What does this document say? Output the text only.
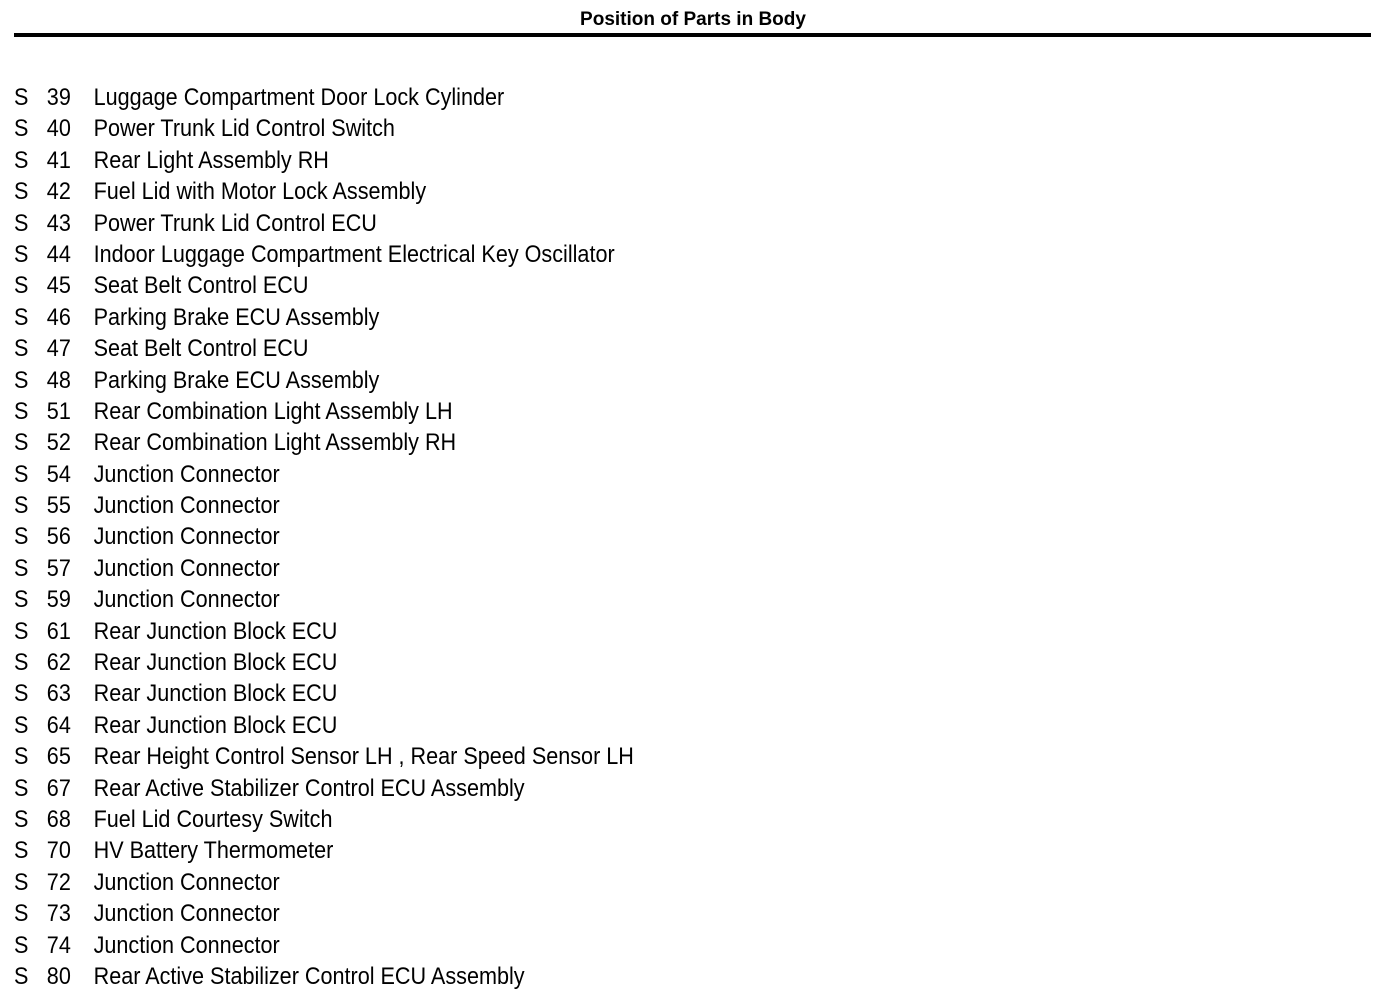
Position of Parts in Body
S 39 Luggage Compartment Door Lock Cylinder
S 40 Power Trunk Lid Control Switch
S 41 Rear Light Assembly RH
S 42 Fuel Lid with Motor Lock Assembly
S 43 Power Trunk Lid Control ECU
S 44 Indoor Luggage Compartment Electrical Key Oscillator
S 45 Seat Belt Control ECU
S 46 Parking Brake ECU Assembly
S 47 Seat Belt Control ECU
S 48 Parking Brake ECU Assembly
S 51 Rear Combination Light Assembly LH
S 52 Rear Combination Light Assembly RH
S 54 Junction Connector
S 55 Junction Connector
S 56 Junction Connector
S 57 Junction Connector
S 59 Junction Connector
S 61 Rear Junction Block ECU
S 62 Rear Junction Block ECU
S 63 Rear Junction Block ECU
S 64 Rear Junction Block ECU
S 65 Rear Height Control Sensor LH , Rear Speed Sensor LH
S 67 Rear Active Stabilizer Control ECU Assembly
S 68 Fuel Lid Courtesy Switch
S 70 HV Battery Thermometer
S 72 Junction Connector
S 73 Junction Connector
S 74 Junction Connector
S 80 Rear Active Stabilizer Control ECU Assembly
